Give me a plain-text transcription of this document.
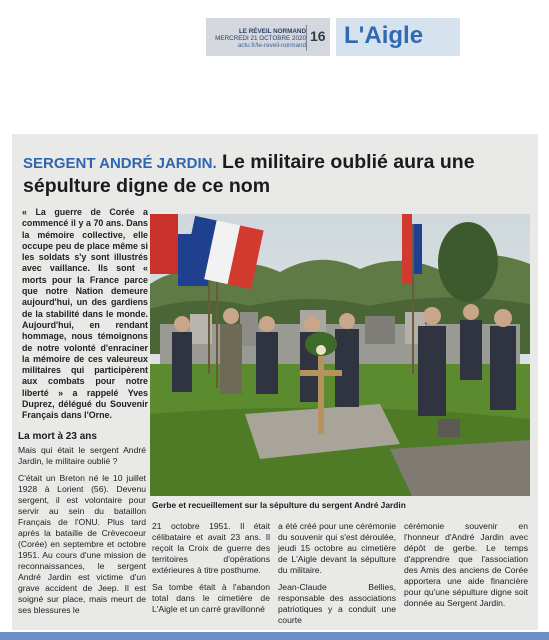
LE RÉVEIL NORMAND
MERCREDI 21 OCTOBRE 2020
actu.fr/le-reveil-normand
16 L'Aigle
SERGENT ANDRÉ JARDIN. Le militaire oublié aura une sépulture digne de ce nom
« La guerre de Corée a commencé il y a 70 ans. Dans la mémoire collective, elle occupe peu de place même si les soldats s'y sont illustrés avec vaillance. Ils sont « morts pour la France parce que notre Nation demeure aujourd'hui, un des gardiens de la stabilité dans le monde. Aujourd'hui, en rendant hommage, nous témoignons de notre volonté d'enraciner la mémoire de ces valeureux militaires qui participèrent aux combats pour notre liberté » a rappelé Yves Duprez, délégué du Souvenir Français dans l'Orne.
La mort à 23 ans

Mais qui était le sergent André Jardin, le militaire oublié ?

C'était un Breton né le 10 juillet 1928 à Lorient (56). Devenu sergent, il est volontaire pour servir au sein du bataillon Français de l'ONU. Plus tard après la bataille de Crèvecoeur (Corée) en septembre et octobre 1951. Au cours d'une mission de reconnaissances, le sergent André Jardin est victime d'un grave accident de Jeep. Il est soigné sur place, mais meurt de ses blessures le

Gerbe et recueillement sur la sépulture du sergent André Jardin

21 octobre 1951. Il était célibataire et avait 23 ans. Il reçoit la Croix de guerre des territoires d'opérations extérieures à titre posthume.

Sa tombe était à l'abandon total dans le cimetière de L'Aigle et un carré gravillonné

a été créé pour une cérémonie du souvenir qui s'est déroulée, jeudi 15 octobre au cimetière de L'Aigle devant la sépulture du militaire.

Jean-Claude Bellies, responsable des associations patriotiques y a conduit une courte

cérémonie souvenir en l'honneur d'André Jardin avec dépôt de gerbe. Le temps d'apprendre que l'association des Amis des anciens de Corée apportera une aide financière pour qu'une sépulture digne soit donnée au Sergent Jardin.
